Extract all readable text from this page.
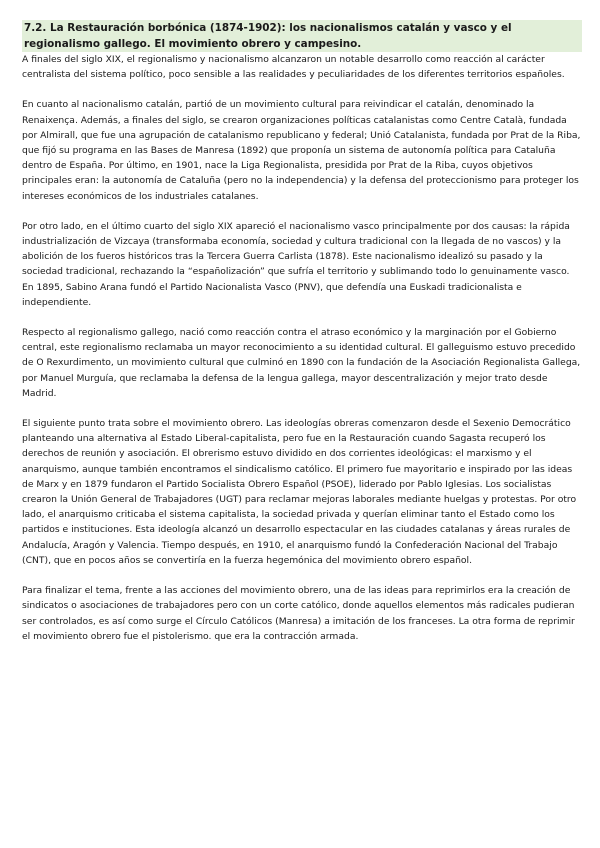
7.2. La Restauración borbónica (1874-1902): los nacionalismos catalán y vasco y el regionalismo gallego. El movimiento obrero y campesino.

A finales del siglo XIX, el regionalismo y nacionalismo alcanzaron un notable desarrollo como reacción al carácter centralista del sistema político, poco sensible a las realidades y peculiaridades de los diferentes territorios españoles.

En cuanto al nacionalismo catalán, partió de un movimiento cultural para reivindicar el catalán, denominado la Renaixença. Además, a finales del siglo, se crearon organizaciones políticas catalanistas como Centre Català, fundada por Almirall, que fue una agrupación de catalanismo republicano y federal; Unió Catalanista, fundada por Prat de la Riba, que fijó su programa en las Bases de Manresa (1892) que proponía un sistema de autonomía política para Cataluña dentro de España. Por último, en 1901, nace la Liga Regionalista, presidida por Prat de la Riba, cuyos objetivos principales eran: la autonomía de Cataluña (pero no la independencia) y la defensa del proteccionismo para proteger los intereses económicos de los industriales catalanes.

Por otro lado, en el último cuarto del siglo XIX apareció el nacionalismo vasco principalmente por dos causas: la rápida industrialización de Vizcaya (transformaba economía, sociedad y cultura tradicional con la llegada de no vascos) y la abolición de los fueros históricos tras la Tercera Guerra Carlista (1878). Este nacionalismo idealizó su pasado y la sociedad tradicional, rechazando la “españolización” que sufría el territorio y sublimando todo lo genuinamente vasco. En 1895, Sabino Arana fundó el Partido Nacionalista Vasco (PNV), que defendía una Euskadi tradicionalista e independiente.

Respecto al regionalismo gallego, nació como reacción contra el atraso económico y la marginación por el Gobierno central, este regionalismo reclamaba un mayor reconocimiento a su identidad cultural. El galleguismo estuvo precedido de O Rexurdimento, un movimiento cultural que culminó en 1890 con la fundación de la Asociación Regionalista Gallega, por Manuel Murguía, que reclamaba la defensa de la lengua gallega, mayor descentralización y mejor trato desde Madrid.

El siguiente punto trata sobre el movimiento obrero. Las ideologías obreras comenzaron desde el Sexenio Democrático planteando una alternativa al Estado Liberal-capitalista, pero fue en la Restauración cuando Sagasta recuperó los derechos de reunión y asociación. El obrerismo estuvo dividido en dos corrientes ideológicas: el marxismo y el anarquismo, aunque también encontramos el sindicalismo católico. El primero fue mayoritario e inspirado por las ideas de Marx y en 1879 fundaron el Partido Socialista Obrero Español (PSOE), liderado por Pablo Iglesias. Los socialistas crearon la Unión General de Trabajadores (UGT) para reclamar mejoras laborales mediante huelgas y protestas. Por otro lado, el anarquismo criticaba el sistema capitalista, la sociedad privada y querían eliminar tanto el Estado como los partidos e instituciones. Esta ideología alcanzó un desarrollo espectacular en las ciudades catalanas y áreas rurales de Andalucía, Aragón y Valencia. Tiempo después, en 1910, el anarquismo fundó la Confederación Nacional del Trabajo (CNT), que en pocos años se convertiría en la fuerza hegemónica del movimiento obrero español.

Para finalizar el tema, frente a las acciones del movimiento obrero, una de las ideas para reprimirlos era la creación de sindicatos o asociaciones de trabajadores pero con un corte católico, donde aquellos elementos más radicales pudieran ser controlados, es así como surge el Círculo Católicos (Manresa) a imitación de los franceses. La otra forma de reprimir el movimiento obrero fue el pistolerismo. que era la contracción armada.
